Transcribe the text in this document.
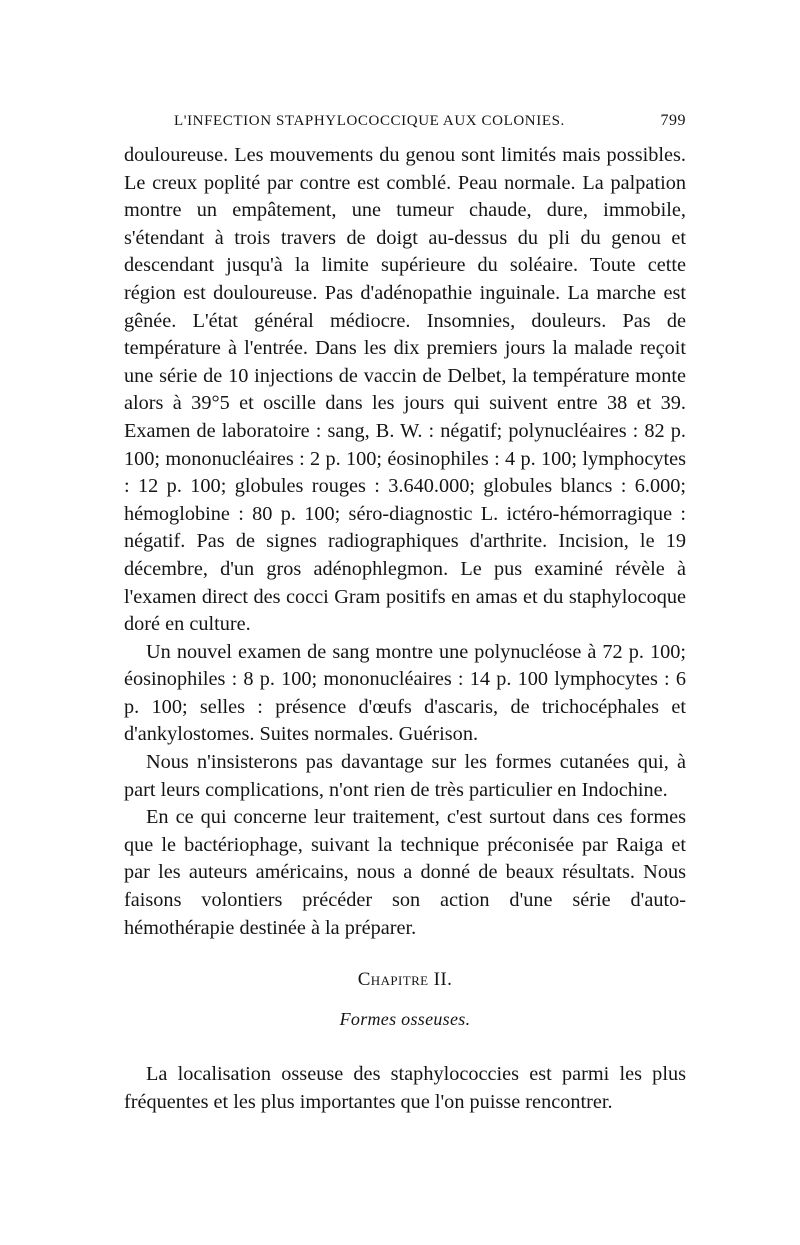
L'INFECTION STAPHYLOCOCCIQUE AUX COLONIES.	799

douloureuse. Les mouvements du genou sont limités mais possibles. Le creux poplité par contre est comblé. Peau normale. La palpation montre un empâtement, une tumeur chaude, dure, immobile, s'étendant à trois travers de doigt au-dessus du pli du genou et descendant jusqu'à la limite supérieure du soléaire. Toute cette région est douloureuse. Pas d'adénopathie inguinale. La marche est gênée. L'état général médiocre. Insomnies, douleurs. Pas de température à l'entrée. Dans les dix premiers jours la malade reçoit une série de 10 injections de vaccin de Delbet, la température monte alors à 39°5 et oscille dans les jours qui suivent entre 38 et 39. Examen de laboratoire : sang, B. W. : négatif; polynucléaires : 82 p. 100; mononucléaires : 2 p. 100; éosinophiles : 4 p. 100; lymphocytes : 12 p. 100; globules rouges : 3.640.000; globules blancs : 6.000; hémoglobine : 80 p. 100; séro-diagnostic L. ictéro-hémorragique : négatif. Pas de signes radiographiques d'arthrite. Incision, le 19 décembre, d'un gros adénophlegmon. Le pus examiné révèle à l'examen direct des cocci Gram positifs en amas et du staphylocoque doré en culture.

Un nouvel examen de sang montre une polynucléose à 72 p. 100; éosinophiles : 8 p. 100; mononucléaires : 14 p. 100 lymphocytes : 6 p. 100; selles : présence d'œufs d'ascaris, de trichocéphales et d'ankylostomes. Suites normales. Guérison.

Nous n'insisterons pas davantage sur les formes cutanées qui, à part leurs complications, n'ont rien de très particulier en Indochine.

En ce qui concerne leur traitement, c'est surtout dans ces formes que le bactériophage, suivant la technique préconisée par Raiga et par les auteurs américains, nous a donné de beaux résultats. Nous faisons volontiers précéder son action d'une série d'auto-hémothérapie destinée à la préparer.

Chapitre II.
Formes osseuses.

La localisation osseuse des staphylococcies est parmi les plus fréquentes et les plus importantes que l'on puisse rencontrer.
